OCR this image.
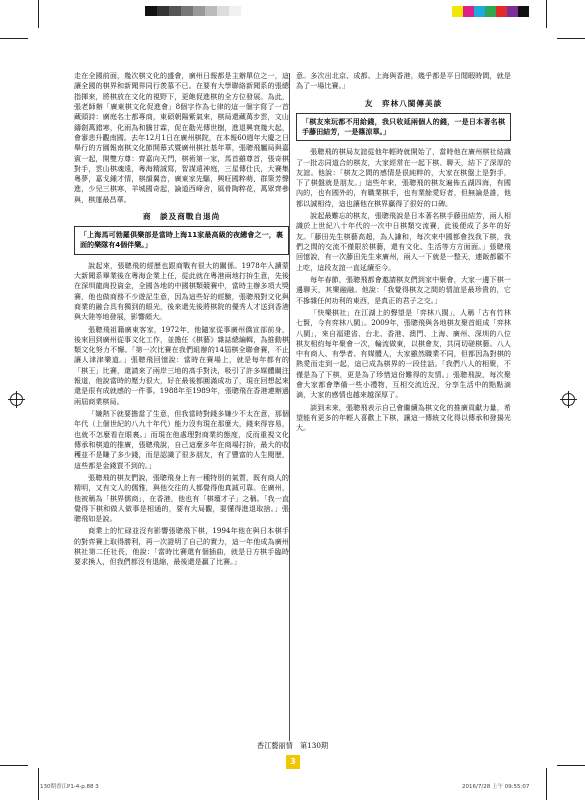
走在全國前面，幾次棋文化的盛會，廣州日報都是主辦單位之一，這讓全國的棋界和新聞界同行羨慕不已。在要有大學聯絡新聞系的張總指揮來，將棋放在文化的視野下，更飽促進棋的全方位發展。為此，張老師辦「廣東棋文化促進會」8個字作為七律的這一個字寫了一首藏頭詩：廣庭名士都專商，東碩朝陽紫氣來，棋局還藏萬步雲，文山鑄劍萬錯寒，化雨為和騰甘霖，促在勸光傳世樹，進退興衰幾大起，會審悲升觀南國。去年12月1日在廣州棋院，在本報60週年大慶之日舉行的方圓報南棋文化節開幕式暨廣州棋社基年華，張聰飛屬局與嘉賓一起，開雙方尊：齊嘉向天門，棋術第一家，馬首雖尊首，張奇棋對手，雲山棋魂遠，粵海精誠寫，智謀遠神庭，三星傳仕氏，大賽集粵夢，嘉戈鍾才情，棋韻翼音，廣東家先驅，興旺國粹萌，群策芳聲進，少兒三棋寒，羊城國奇起，論道西峰舍，風骨陶粹花，萬眾齊參與，棋運最昌華。

商　談及商戰自退尚
「上海馬可勃羅俱樂部是當時上海11家最高級的夜總會之一，裏面的樂隊有4個伴樂。」

說起來，張聰飛的經歷也跟商戰有很大的關係。1978年入讀蒙大新聞系畢業後在粵海企業上任，從此就在粵港兩地打拚生意，先後在深圳龍崗投資金，全國各地的中國棋類競賽中，當時主辦多項大獎賽，他也做商務不少遊記生意，因為這些好的經驗，張聰飛對文化與商業的融合具有獨到的眼光，後來還先後將棋院的優秀人才送到香港與大陸等地發展，影響頗大。

張聰飛祖籍廣東客家，1972年，他隨家從事廣州僑宣部前身，後來回到廣州從事文化工作，並擔任《棋藝》雜誌總編輯，為推動棋類文化努力不懈。「第一次比賽在我們組辦的14屆棋全聯會賽，不止讓人津津樂道。」張聰飛回憶說：當時在賽場上，就是每年都有的「棋王」比賽，還請來了兩岸三地的高手對決，吸引了許多媒體關注報道，他說當時的壓力很大，好在最後都圓滿成功了，現在回想起來還是很有成就感的一件事。1988年至1989年，張聰飛在香港連辦過兩屆商業棋局。

「嫌熱下就要擔當了生意，但我當時對錢多嫌少不太在意，那個年代（上個世紀的八九十年代）能力沒有現在那麼大，錢來得容易，也就不怎麼看在眼裏。」而現在他處理對商業的態度，反而重視文化傳承和棋道的推廣，張聰飛說，自己這麼多年在商場打拚，最大的收穫並不是賺了多少錢，而是認識了很多朋友，有了豐富的人生閱歷，這些都是金錢買不到的。」

張聰飛的棋友們說，張聰飛身上有一種特別的氣質，既有商人的精明，又有文人的儒雅，與他交往的人都覺得他真誠可靠。在廣州，他被稱為「棋界儒商」，在香港，他也有「棋壇才子」之稱。「我一直覺得下棋和做人做事是相通的，要有大局觀，要懂得進退取捨。」張聰飛如是說。

商業上的忙碌並沒有影響張聰飛下棋，1994年他在與日本棋手的對弈賽上取得勝利，再一次證明了自己的實力，這一年他成為廣州棋社第二任社長，他說：「當時比賽還有個插曲，就是日方棋手臨時要求換人，但我們都沒有退縮，最後還是贏了比賽。」

意。多次出北京、成都、上海與香港，幾乎都是平日閒暇時間，就是為了一場比賽。」

友　弈林八閩傳美談
「棋友來玩都不用給錢，我只收延兩個人的錢，一是日本著名棋手藤田結芳，一是篠涼華。」

張聰飛的棋局友誼從他年輕時就開始了，當時他在廣州棋社結識了一批志同道合的棋友，大家經常在一起下棋、聊天，結下了深厚的友誼。他說：「棋友之間的感情是很純粹的，大家在棋盤上是對手，下了棋盤就是朋友。」這些年來，張聰飛的棋友遍佈五湖四海，有國內的，也有國外的，有職業棋手，也有業餘愛好者，但無論是誰，他都以誠相待，這也讓他在棋界贏得了很好的口碑。

說起最難忘的棋友，張聰飛說是日本著名棋手藤田結芳，兩人相識於上世紀八十年代的一次中日棋類交流賽，此後便成了多年的好友。「藤田先生棋藝高超，為人謙和，每次來中國都會找我下棋，我們之間的交流不僅限於棋藝，還有文化、生活等方方面面。」張聰飛回憶說，有一次藤田先生來廣州，兩人一下就是一整天，連飯都顧不上吃，這段友誼一直延續至今。

每年春節，張聰飛都會邀請棋友們到家中聚會，大家一邊下棋一邊聊天，其樂融融。他說：「我覺得棋友之間的情誼是最珍貴的，它不摻雜任何功利的東西，是真正的君子之交。」

「快樂棋社」在江湖上的聲望是「弈林八閩」，人稱「古有竹林七賢，今有弈林八閩」。2009年，張聰飛與各地棋友聚首組成「弈林八閩」，來自福建省、台北、香港、澳門、上海、廣州、深圳的八位棋友相約每年聚會一次，輪流做東，以棋會友，共同切磋棋藝。八人中有商人、有學者、有媒體人，大家雖然職業不同，但都因為對棋的熱愛而走到一起，這已成為棋界的一段佳話。「我們八人的相聚，不僅是為了下棋，更是為了珍惜這份難得的友情。」張聰飛說，每次聚會大家都會準備一些小禮物，互相交流近況，分享生活中的點點滴滴，大家的感情也越來越深厚了。

談到未來，張聰飛表示自己會繼續為棋文化的推廣貢獻力量，希望能有更多的年輕人喜歡上下棋，讓這一傳統文化得以傳承和發揚光大。

香江藝丽情　第130期
3
130期香江P1-4-p.88 3	2016/7/28 上午 09:55:07
